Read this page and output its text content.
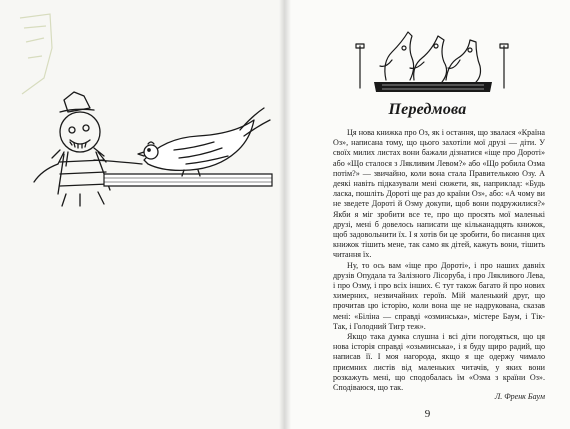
Передмова

Ця нова книжка про Оз, як і остання, що звалася «Країна Оз», написана тому, що цього захотіли мої друзі — діти. У своїх милих листах вони бажали дізнатися «іще про Дороті» або «Що сталося з Лякливим Левом?» або «Що робила Озма потім?» — звичайно, коли вона стала Правителькою Озу. А деякі навіть підказували мені сюжети, як, наприклад: «Будь ласка, пошліть Дороті ще раз до країни Оз», або: «А чому ви не зведете Дороті й Озму докупи, щоб вони подружилися?» Якби я міг зробити все те, про що просять мої маленькі друзі, мені б довелось написати ще кільканадцять книжок, щоб задовольнити їх. І я хотів би це зробити, бо писання цих книжок тішить мене, так само як дітей, кажуть вони, тішить читання їх.

Ну, то ось вам «іще про Дороті», і про наших давніх друзів Опудала та Залізного Лісоруба, і про Лякливого Лева, і про Озму, і про всіх інших. Є тут також багато й про нових химерних, незвичайних героїв. Мій маленький друг, що прочитав цю історію, коли вона ще не надрукована, сказав мені: «Біліна — справді «озминська», містере Баум, і Тік-Так, і Голодний Тигр теж».

Якщо така думка слушна і всі діти погодяться, що ця нова історія справді «озьминська», і я буду щиро радий, що написав її. І моя нагорода, якщо я ще одержу чимало приємних листів від маленьких читачів, у яких вони розкажуть мені, що сподобалась їм «Озма з країни Оз». Сподіваюся, що так.

Л. Френк Баум
9
